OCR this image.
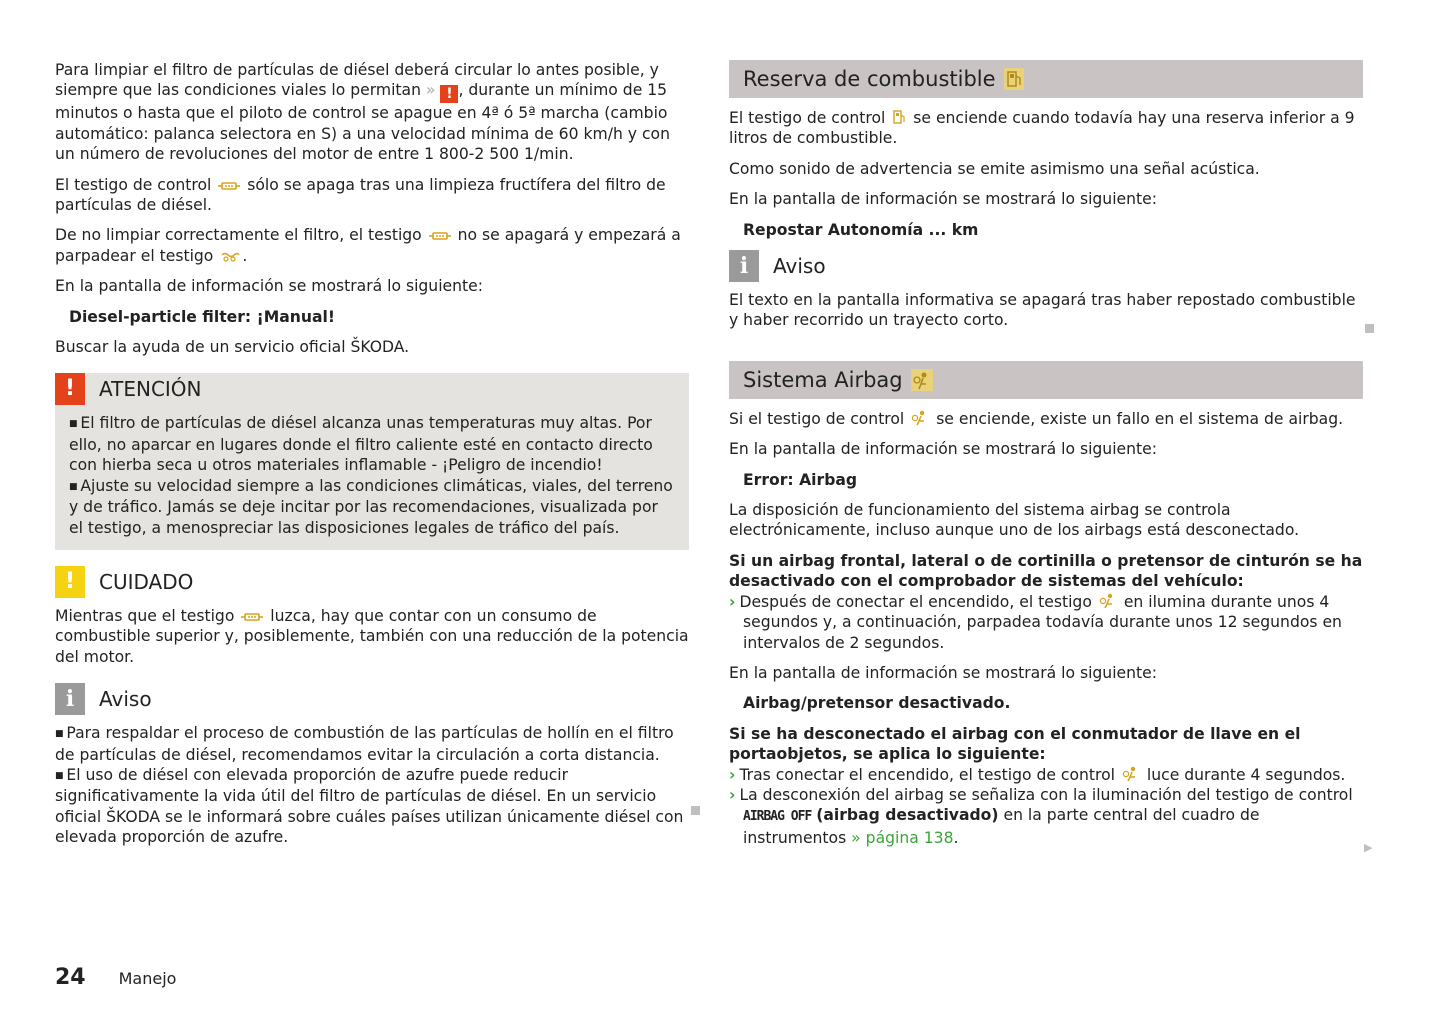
Para limpiar el filtro de partículas de diésel deberá circular lo antes posible, y siempre que las condiciones viales lo permitan » ! , durante un mínimo de 15 minutos o hasta que el piloto de control se apague en 4ª ó 5ª marcha (cambio automático: palanca selectora en S) a una velocidad mínima de 60 km/h y con un número de revoluciones del motor de entre 1 800-2 500 1/min.

El testigo de control sólo se apaga tras una limpieza fructífera del filtro de partículas de diésel.

De no limpiar correctamente el filtro, el testigo no se apagará y empezará a parpadear el testigo .

En la pantalla de información se mostrará lo siguiente:

Diesel-particle filter: ¡Manual!

Buscar la ayuda de un servicio oficial ŠKODA.

!	ATENCIÓN
■ El filtro de partículas de diésel alcanza unas temperaturas muy altas. Por ello, no aparcar en lugares donde el filtro caliente esté en contacto directo con hierba seca u otros materiales inflamable - ¡Peligro de incendio!
■ Ajuste su velocidad siempre a las condiciones climáticas, viales, del terreno y de tráfico. Jamás se deje incitar por las recomendaciones, visualizada por el testigo, a menospreciar las disposiciones legales de tráfico del país.
!	CUIDADO

Mientras que el testigo luzca, hay que contar con un consumo de combustible superior y, posiblemente, también con una reducción de la potencia del motor.

i	Aviso
■ Para respaldar el proceso de combustión de las partículas de hollín en el filtro de partículas de diésel, recomendamos evitar la circulación a corta distancia.
■ El uso de diésel con elevada proporción de azufre puede reducir significativamente la vida útil del filtro de partículas de diésel. En un servicio oficial ŠKODA se le informará sobre cuáles países utilizan únicamente diésel con elevada proporción de azufre.
Reserva de combustible

El testigo de control se enciende cuando todavía hay una reserva inferior a 9 litros de combustible.

Como sonido de advertencia se emite asimismo una señal acústica.

En la pantalla de información se mostrará lo siguiente:

Repostar Autonomía ... km

i	Aviso

El texto en la pantalla informativa se apagará tras haber repostado combustible y haber recorrido un trayecto corto.

Sistema Airbag

Si el testigo de control se enciende, existe un fallo en el sistema de airbag.

En la pantalla de información se mostrará lo siguiente:

Error: Airbag

La disposición de funcionamiento del sistema airbag se controla electrónicamente, incluso aunque uno de los airbags está desconectado.

Si un airbag frontal, lateral o de cortinilla o pretensor de cinturón se ha desactivado con el comprobador de sistemas del vehículo:

› Después de conectar el encendido, el testigo en ilumina durante unos 4 segundos y, a continuación, parpadea todavía durante unos 12 segundos en intervalos de 2 segundos.

En la pantalla de información se mostrará lo siguiente:

Airbag/pretensor desactivado.

Si se ha desconectado el airbag con el conmutador de llave en el portaobjetos, se aplica lo siguiente:

› Tras conectar el encendido, el testigo de control luce durante 4 segundos.

› La desconexión del airbag se señaliza con la iluminación del testigo de control AIRBAG OFF (airbag desactivado) en la parte central del cuadro de instrumentos » página 138.

▶
24 Manejo
